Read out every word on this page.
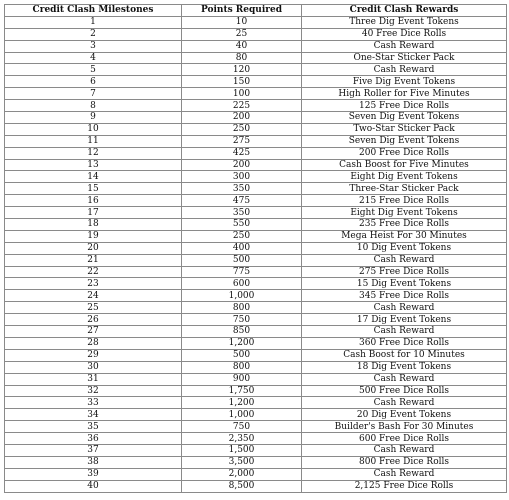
Credit Clash Milestones	Points Required	Credit Clash Rewards
1	10	Three Dig Event Tokens
2	25	40 Free Dice Rolls
3	40	Cash Reward
4	80	One-Star Sticker Pack
5	120	Cash Reward
6	150	Five Dig Event Tokens
7	100	High Roller for Five Minutes
8	225	125 Free Dice Rolls
9	200	Seven Dig Event Tokens
10	250	Two-Star Sticker Pack
11	275	Seven Dig Event Tokens
12	425	200 Free Dice Rolls
13	200	Cash Boost for Five Minutes
14	300	Eight Dig Event Tokens
15	350	Three-Star Sticker Pack
16	475	215 Free Dice Rolls
17	350	Eight Dig Event Tokens
18	550	235 Free Dice Rolls
19	250	Mega Heist For 30 Minutes
20	400	10 Dig Event Tokens
21	500	Cash Reward
22	775	275 Free Dice Rolls
23	600	15 Dig Event Tokens
24	1,000	345 Free Dice Rolls
25	800	Cash Reward
26	750	17 Dig Event Tokens
27	850	Cash Reward
28	1,200	360 Free Dice Rolls
29	500	Cash Boost for 10 Minutes
30	800	18 Dig Event Tokens
31	900	Cash Reward
32	1,750	500 Free Dice Rolls
33	1,200	Cash Reward
34	1,000	20 Dig Event Tokens
35	750	Builder's Bash For 30 Minutes
36	2,350	600 Free Dice Rolls
37	1,500	Cash Reward
38	3,500	800 Free Dice Rolls
39	2,000	Cash Reward
40	8,500	2,125 Free Dice Rolls
